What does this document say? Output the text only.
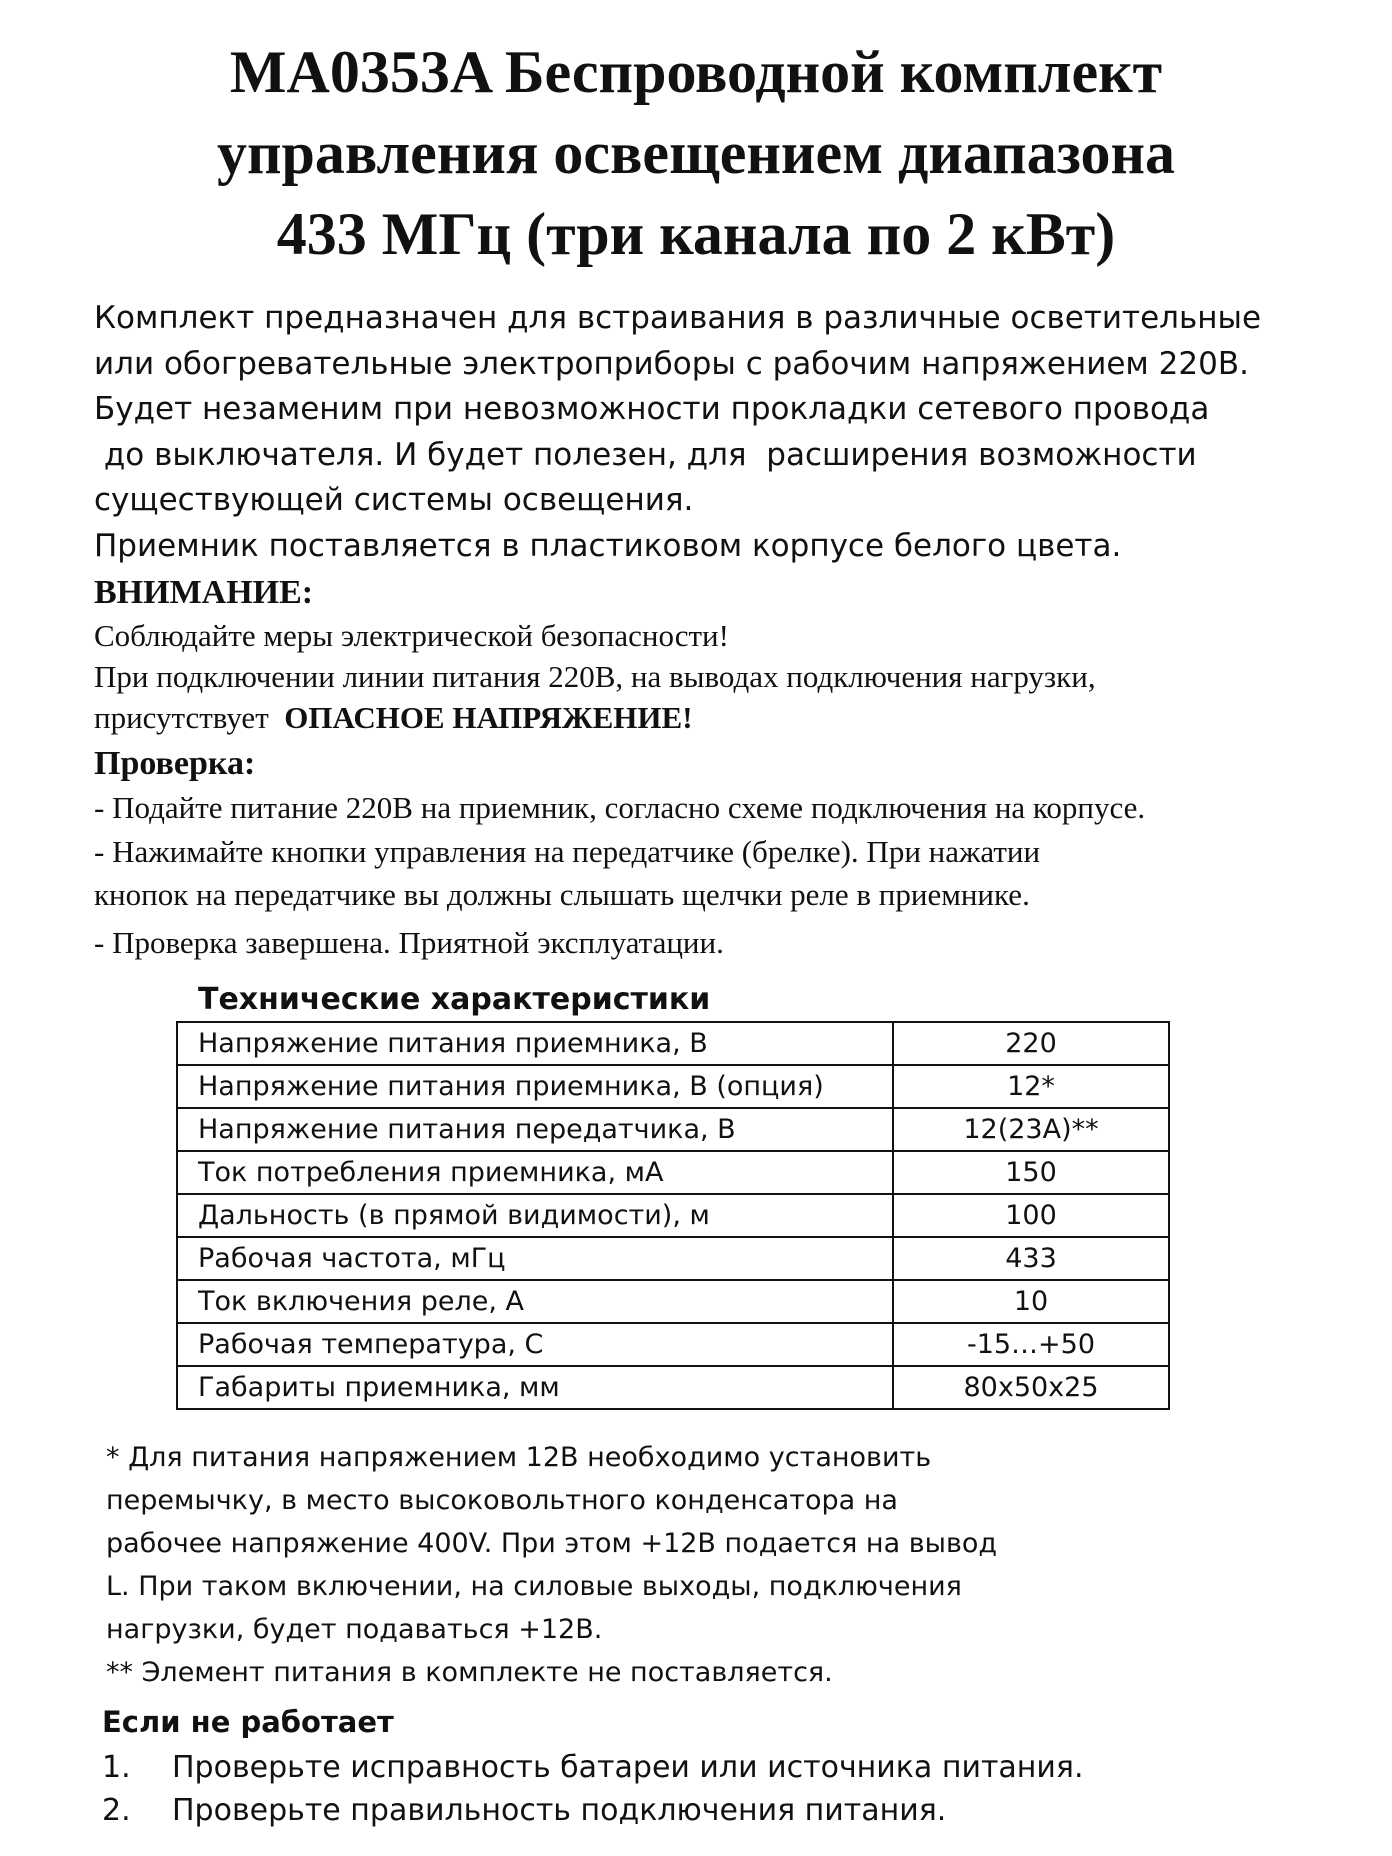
MA0353A Беспроводной комплект
управления освещением диапазона
433 МГц (три канала по 2 кВт)
Комплект предназначен для встраивания в различные осветительные
или обогревательные электроприборы с рабочим напряжением 220В.
Будет незаменим при невозможности прокладки сетевого провода
до выключателя. И будет полезен, для  расширения возможности
существующей системы освещения.
Приемник поставляется в пластиковом корпусе белого цвета.
ВНИМАНИЕ:
Соблюдайте меры электрической безопасности!
При подключении линии питания 220В, на выводах подключения нагрузки,
присутствует  ОПАСНОЕ НАПРЯЖЕНИЕ!
Проверка:
- Подайте питание 220В на приемник, согласно схеме подключения на корпусе.
- Нажимайте кнопки управления на передатчике (брелке). При нажатии
кнопок на передатчике вы должны слышать щелчки реле в приемнике.
- Проверка завершена. Приятной эксплуатации.
Технические характеристики
Напряжение питания приемника, В	220
Напряжение питания приемника, В (опция)	12*
Напряжение питания передатчика, В	12(23A)**
Ток потребления приемника, мА	150
Дальность (в прямой видимости), м	100
Рабочая частота, мГц	433
Ток включения реле, А	10
Рабочая температура, С	-15…+50
Габариты приемника, мм	80x50x25
* Для питания напряжением 12В необходимо установить
перемычку, в место высоковольтного конденсатора на
рабочее напряжение 400V. При этом +12В подается на вывод
L. При таком включении, на силовые выходы, подключения
нагрузки, будет подаваться +12В.
** Элемент питания в комплекте не поставляется.
Если не работает
1. Проверьте исправность батареи или источника питания.
2. Проверьте правильность подключения питания.
